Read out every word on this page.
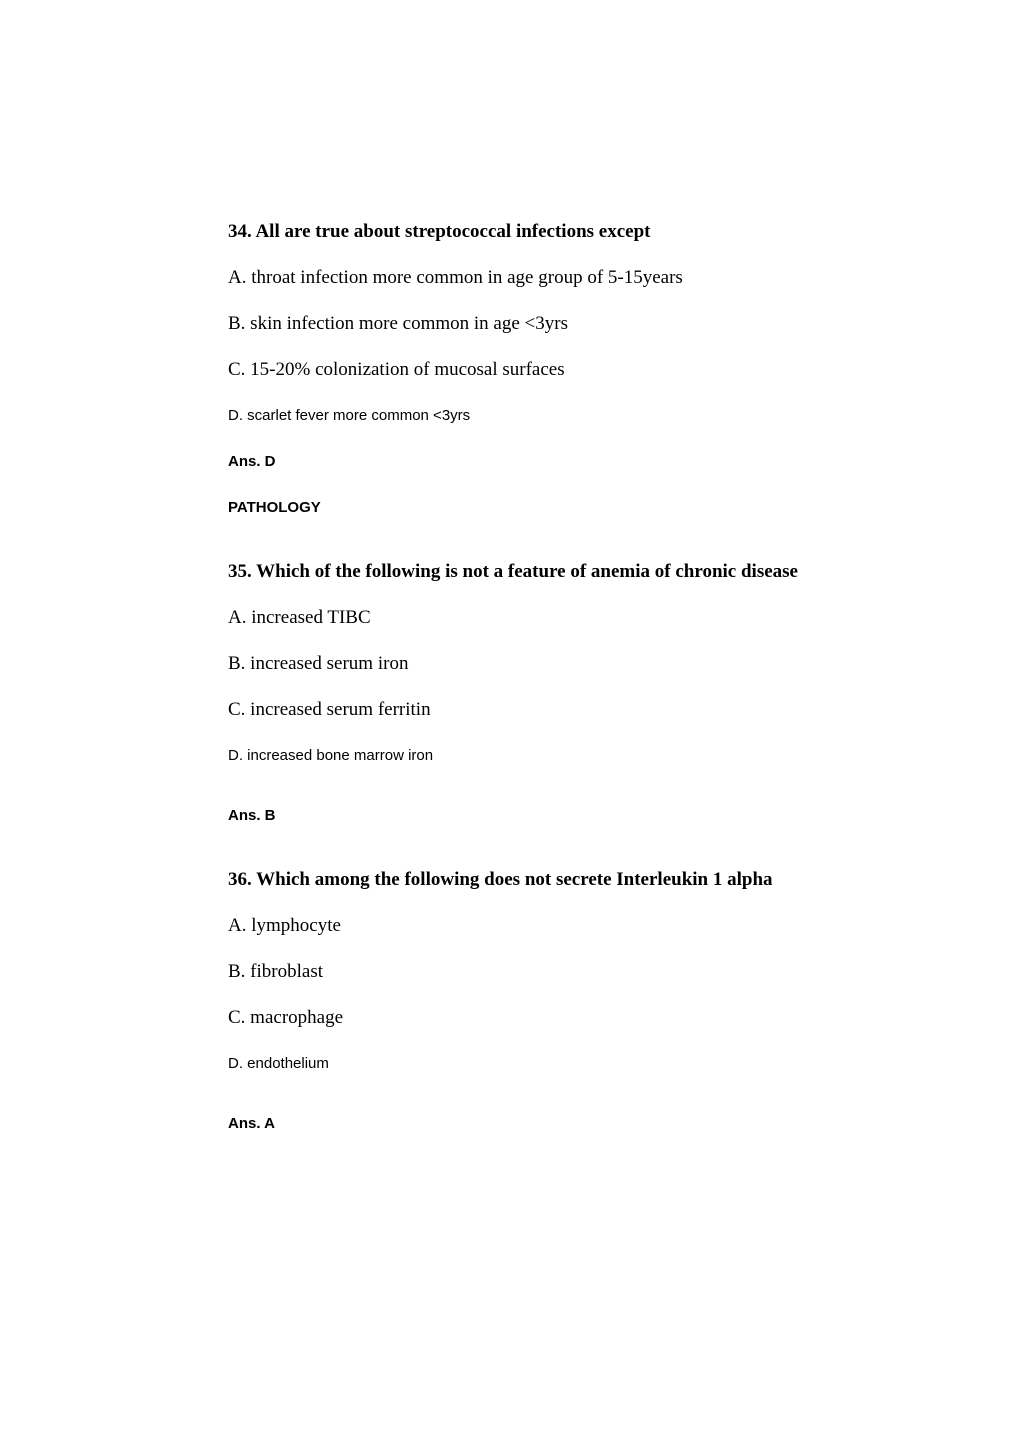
34. All are true about streptococcal infections except

A. throat infection more common in age group of 5-15years

B. skin infection more common in age <3yrs

C. 15-20% colonization of mucosal surfaces

D. scarlet fever more common <3yrs

Ans. D

PATHOLOGY

35. Which of the following is not a feature of anemia of chronic disease

A. increased TIBC

B. increased serum iron

C. increased serum ferritin

D. increased bone marrow iron

Ans. B

36. Which among the following does not secrete Interleukin 1 alpha

A. lymphocyte

B. fibroblast

C. macrophage

D. endothelium

Ans. A
